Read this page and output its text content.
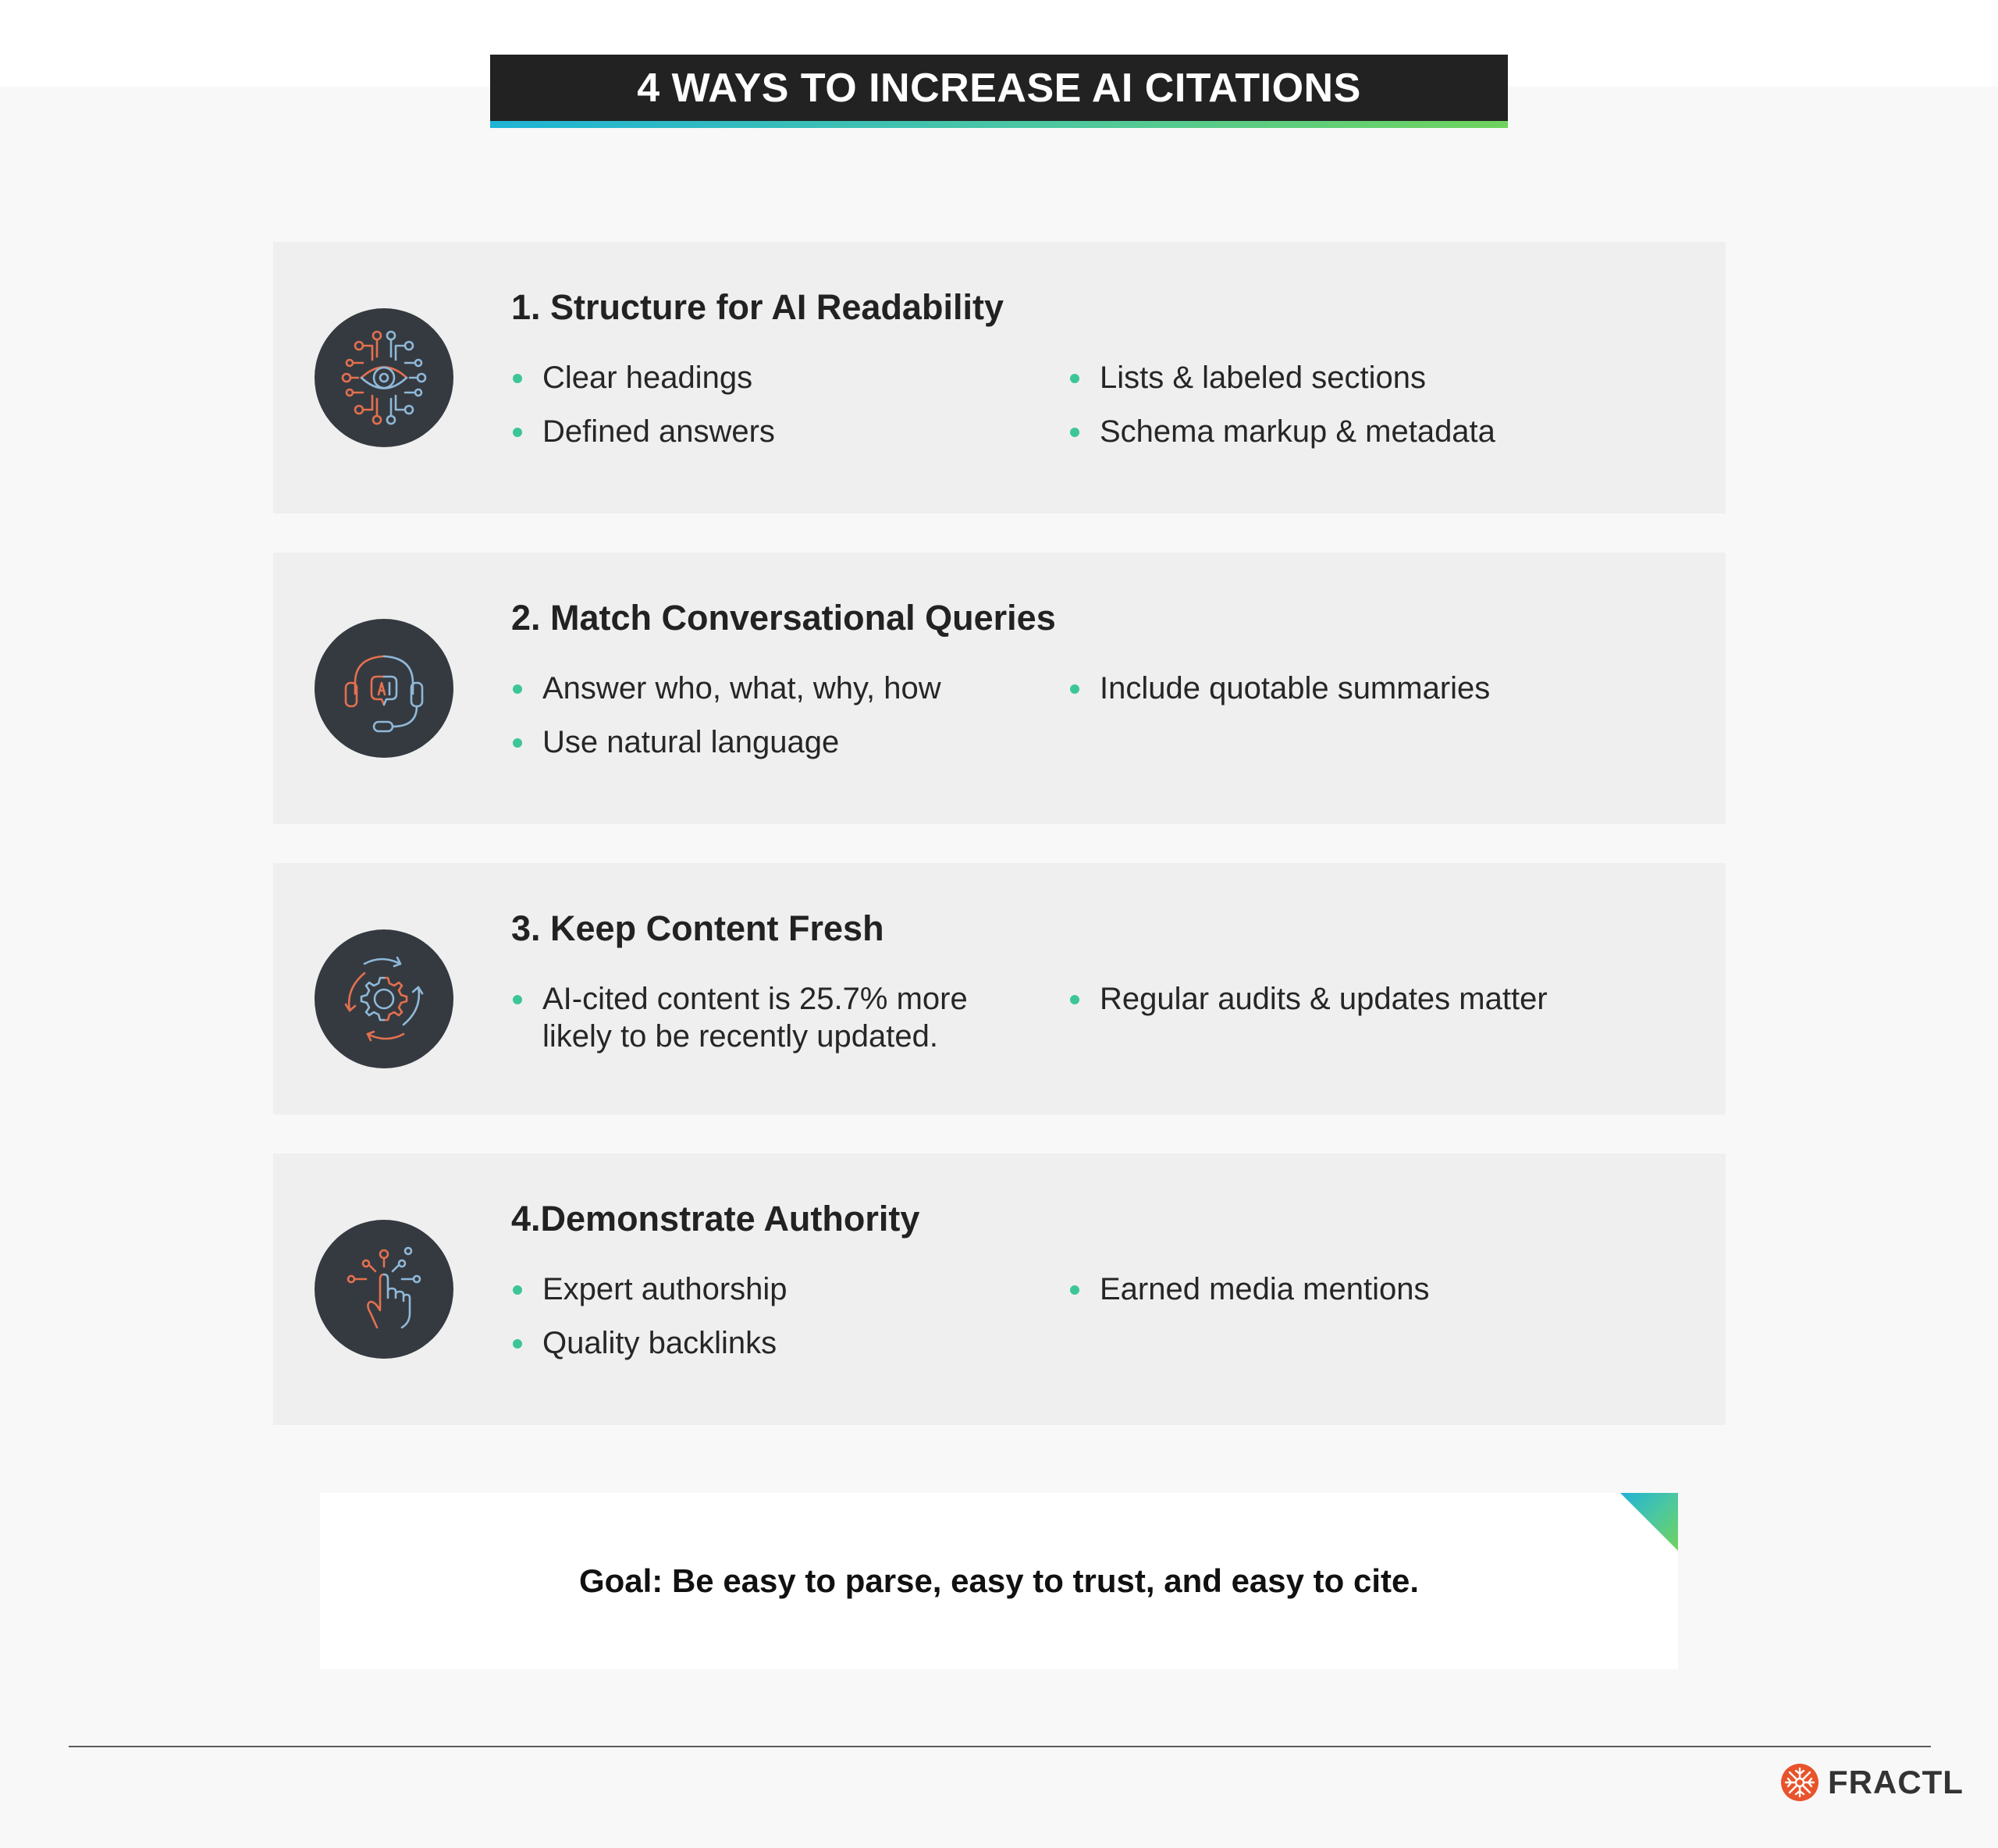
4 WAYS TO INCREASE AI CITATIONS
1. Structure for AI Readability
Clear headings
Defined answers
Lists & labeled sections
Schema markup & metadata
2. Match Conversational Queries
Answer who, what, why, how
Use natural language
Include quotable summaries
3. Keep Content Fresh
AI-cited content is 25.7% more
likely to be recently updated.
Regular audits & updates matter
4.Demonstrate Authority
Expert authorship
Quality backlinks
Earned media mentions
Goal: Be easy to parse, easy to trust, and easy to cite.
FRACTL
